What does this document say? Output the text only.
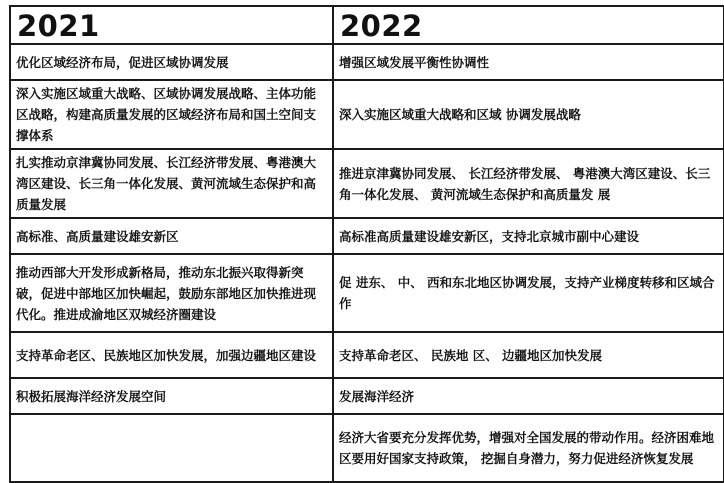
2021	2022
优化区域经济布局，促进区域协调发展	增强区域发展平衡性协调性
深入实施区域重大战略、区域协调发展战略、主体功能区战略，构建高质量发展的区域经济布局和国土空间支撑体系	深入实施区域重大战略和区域 协调发展战略
扎实推动京津冀协同发展、长江经济带发展、粤港澳大湾区建设、长三角一体化发展、黄河流域生态保护和高质量发展	推进京津冀协同发展、 长江经济带发展、 粤港澳大湾区建设、长三角一体化发展、 黄河流域生态保护和高质量发 展
高标准、高质量建设雄安新区	高标准高质量建设雄安新区，支持北京城市副中心建设
推动西部大开发形成新格局，推动东北振兴取得新突破，促进中部地区加快崛起，鼓励东部地区加快推进现代化。推进成渝地区双城经济圈建设	促 进东、 中、 西和东北地区协调发展，支持产业梯度转移和区域合作
支持革命老区、民族地区加快发展，加强边疆地区建设	支持革命老区、 民族地 区、 边疆地区加快发展
积极拓展海洋经济发展空间	发展海洋经济
	经济大省要充分发挥优势，增强对全国发展的带动作用。经济困难地区要用好国家支持政策， 挖掘自身潜力，努力促进经济恢复发展
